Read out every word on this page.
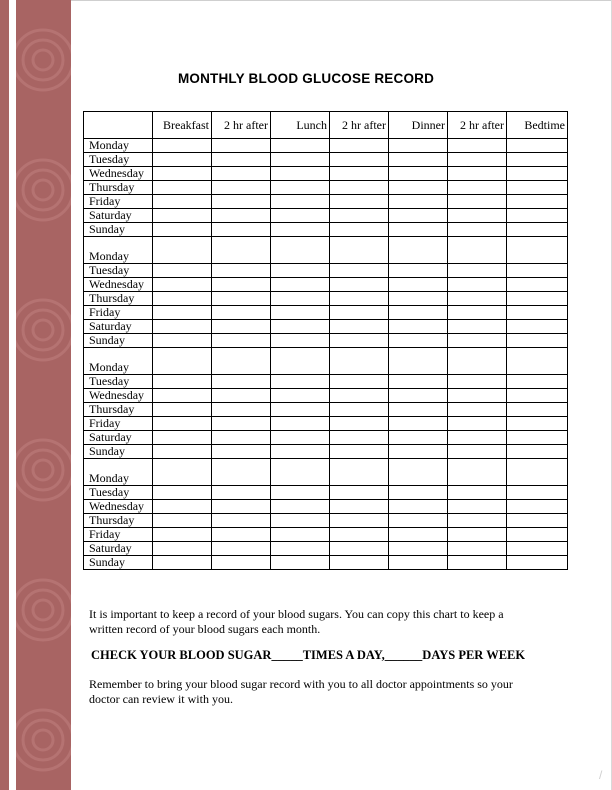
MONTHLY BLOOD GLUCOSE RECORD
	Breakfast	2 hr after	Lunch	2 hr after	Dinner	2 hr after	Bedtime
Monday							
Tuesday							
Wednesday							
Thursday							
Friday							
Saturday							
Sunday							
Monday							
Tuesday							
Wednesday							
Thursday							
Friday							
Saturday							
Sunday							
Monday							
Tuesday							
Wednesday							
Thursday							
Friday							
Saturday							
Sunday							
Monday							
Tuesday							
Wednesday							
Thursday							
Friday							
Saturday							
Sunday							
It is important to keep a record of your blood sugars. You can copy this chart to keep a
written record of your blood sugars each month.
CHECK YOUR BLOOD SUGAR_____TIMES A DAY,______DAYS PER WEEK
Remember to bring your blood sugar record with you to all doctor appointments so your
doctor can review it with you.
/
